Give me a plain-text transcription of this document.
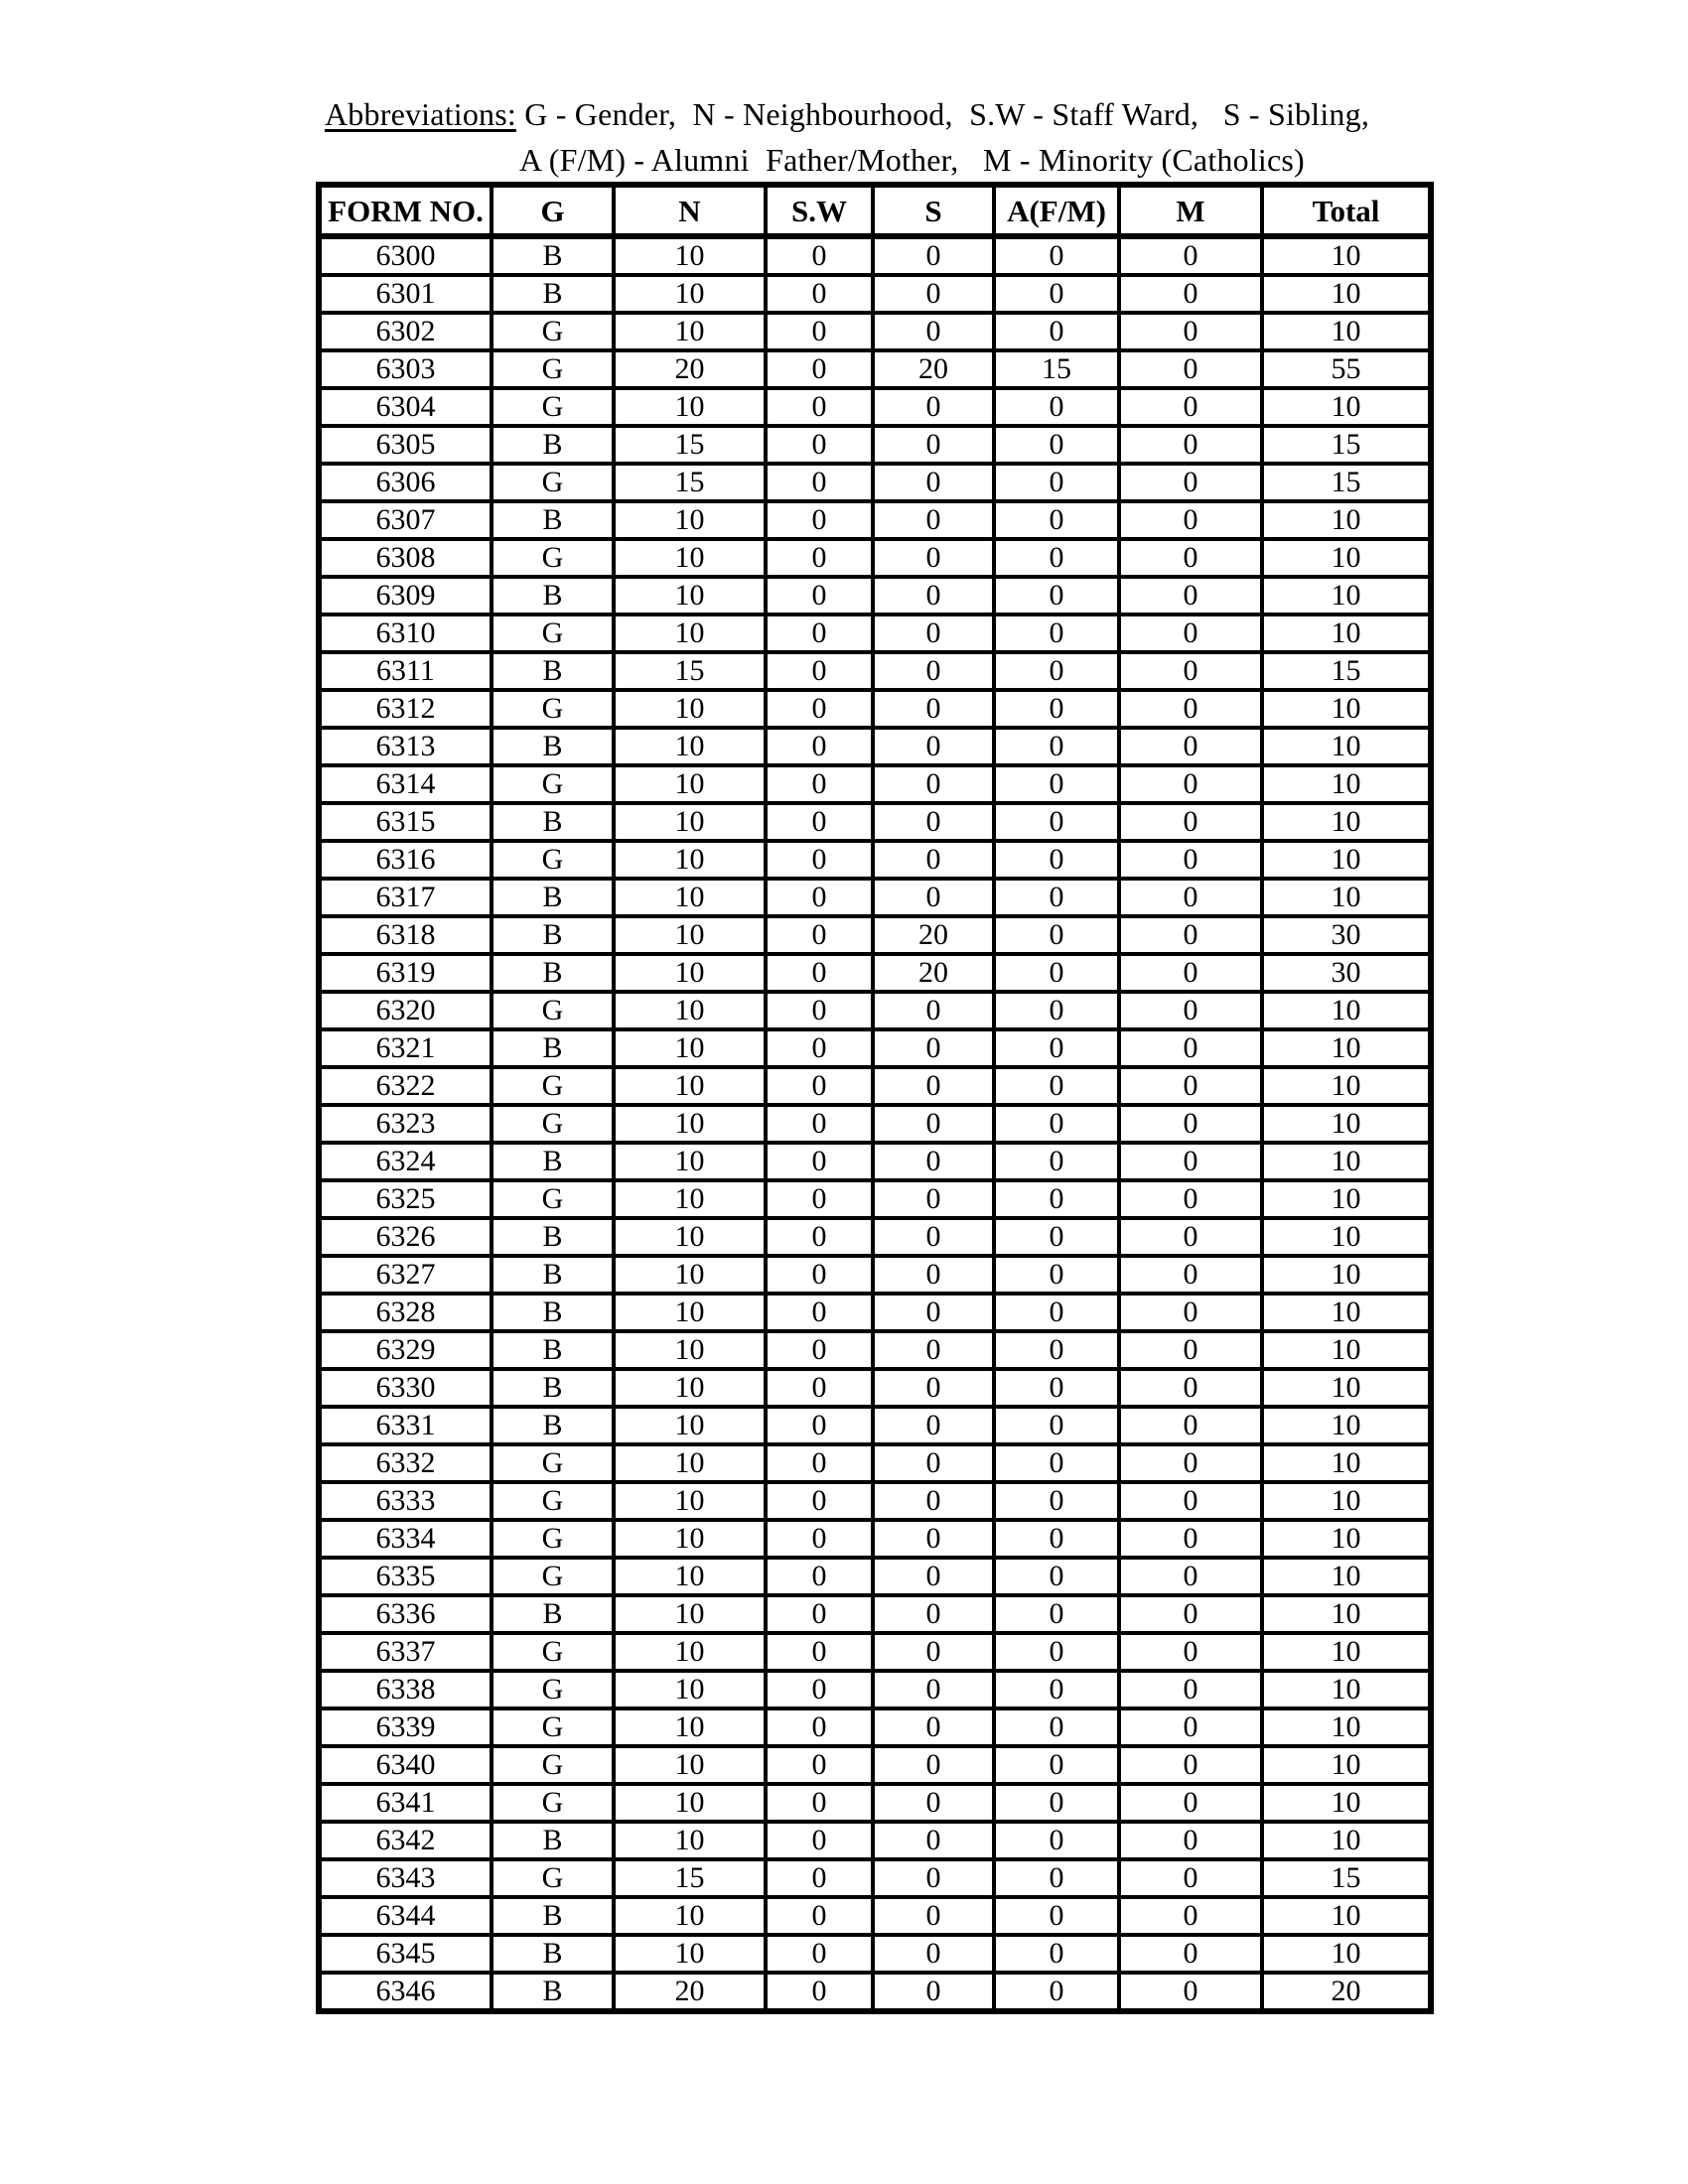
Abbreviations: G - Gender,  N - Neighbourhood,  S.W - Staff Ward,   S - Sibling,
A (F/M) - Alumni  Father/Mother,   M - Minority (Catholics)
FORM NO.	G	N	S.W	S	A(F/M)	M	Total
6300	B	10	0	0	0	0	10
6301	B	10	0	0	0	0	10
6302	G	10	0	0	0	0	10
6303	G	20	0	20	15	0	55
6304	G	10	0	0	0	0	10
6305	B	15	0	0	0	0	15
6306	G	15	0	0	0	0	15
6307	B	10	0	0	0	0	10
6308	G	10	0	0	0	0	10
6309	B	10	0	0	0	0	10
6310	G	10	0	0	0	0	10
6311	B	15	0	0	0	0	15
6312	G	10	0	0	0	0	10
6313	B	10	0	0	0	0	10
6314	G	10	0	0	0	0	10
6315	B	10	0	0	0	0	10
6316	G	10	0	0	0	0	10
6317	B	10	0	0	0	0	10
6318	B	10	0	20	0	0	30
6319	B	10	0	20	0	0	30
6320	G	10	0	0	0	0	10
6321	B	10	0	0	0	0	10
6322	G	10	0	0	0	0	10
6323	G	10	0	0	0	0	10
6324	B	10	0	0	0	0	10
6325	G	10	0	0	0	0	10
6326	B	10	0	0	0	0	10
6327	B	10	0	0	0	0	10
6328	B	10	0	0	0	0	10
6329	B	10	0	0	0	0	10
6330	B	10	0	0	0	0	10
6331	B	10	0	0	0	0	10
6332	G	10	0	0	0	0	10
6333	G	10	0	0	0	0	10
6334	G	10	0	0	0	0	10
6335	G	10	0	0	0	0	10
6336	B	10	0	0	0	0	10
6337	G	10	0	0	0	0	10
6338	G	10	0	0	0	0	10
6339	G	10	0	0	0	0	10
6340	G	10	0	0	0	0	10
6341	G	10	0	0	0	0	10
6342	B	10	0	0	0	0	10
6343	G	15	0	0	0	0	15
6344	B	10	0	0	0	0	10
6345	B	10	0	0	0	0	10
6346	B	20	0	0	0	0	20
